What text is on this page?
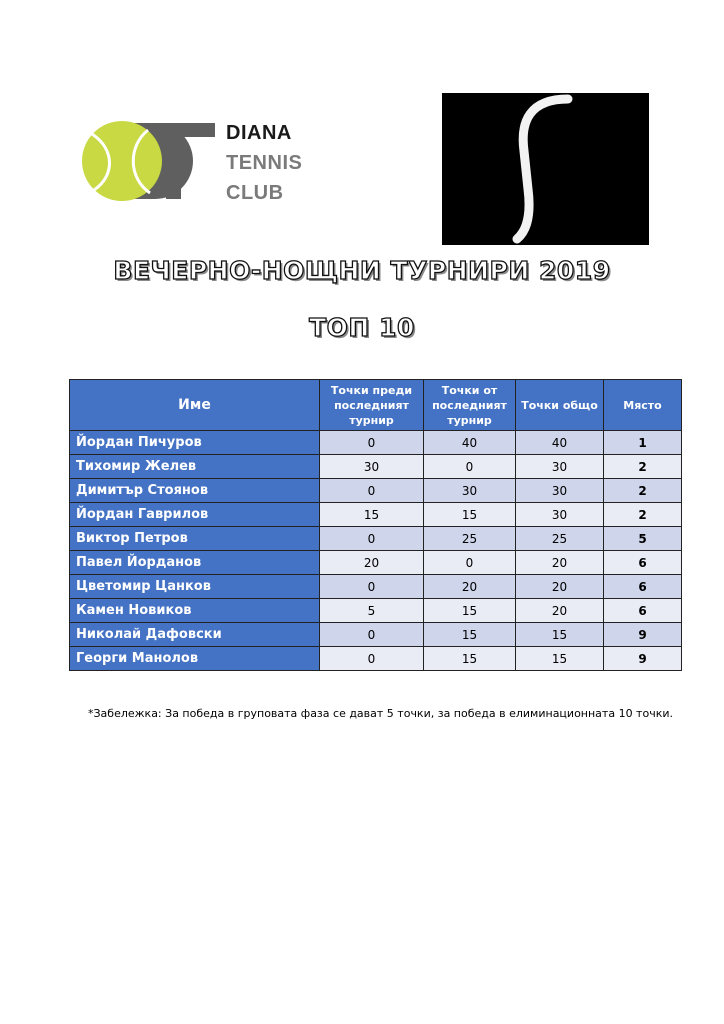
DIANA
TENNIS
CLUB
ВЕЧЕРНО-НОЩНИ ТУРНИРИ 2019
ТОП 10
Име	Точки преди последният турнир	Точки от последният турнир	Точки общо	Място
Йордан Пичуров	0	40	40	1
Тихомир Желев	30	0	30	2
Димитър Стоянов	0	30	30	2
Йордан Гаврилов	15	15	30	2
Виктор Петров	0	25	25	5
Павел Йорданов	20	0	20	6
Цветомир Цанков	0	20	20	6
Камен Новиков	5	15	20	6
Николай Дафовски	0	15	15	9
Георги Манолов	0	15	15	9
*Забележка: За победа в груповата фаза се дават 5 точки, за победа в елиминационната 10 точки.
